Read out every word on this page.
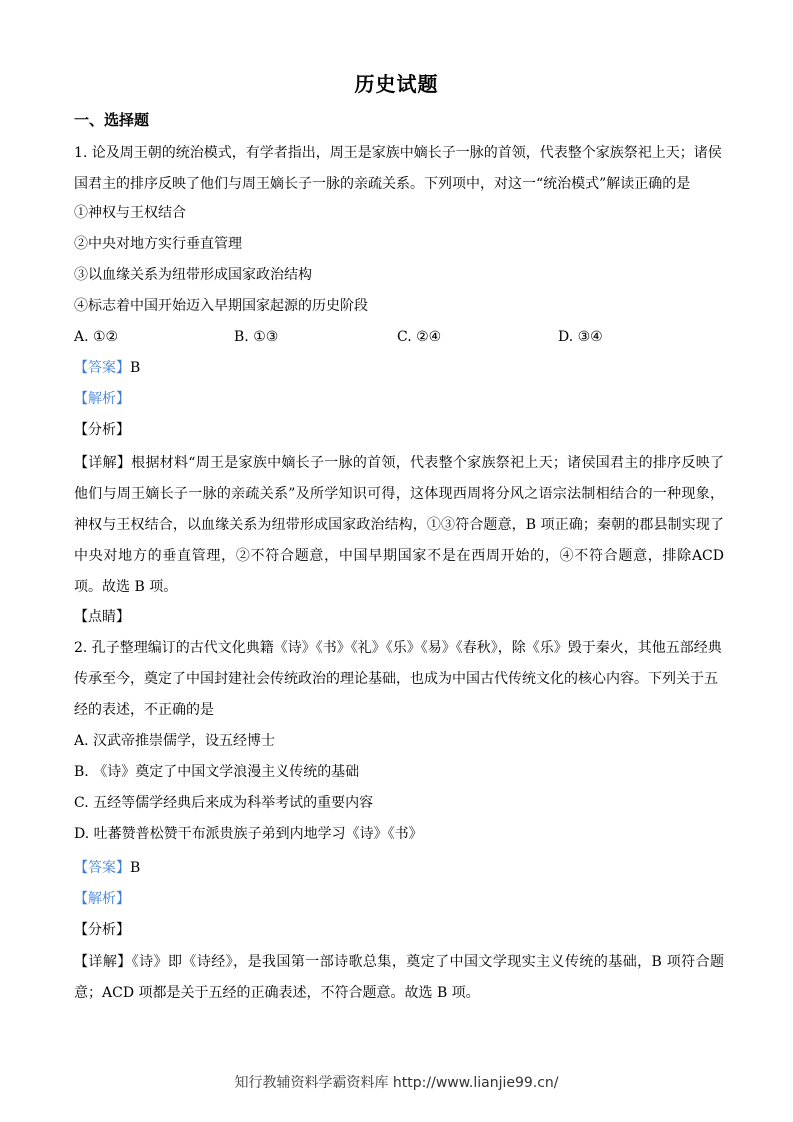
历史试题
一、选择题
1. 论及周王朝的统治模式，有学者指出，周王是家族中嫡长子一脉的首领，代表整个家族祭祀上天；诸侯
国君主的排序反映了他们与周王嫡长子一脉的亲疏关系。下列项中，对这一“统治模式”解读正确的是
①神权与王权结合
②中央对地方实行垂直管理
③以血缘关系为纽带形成国家政治结构
④标志着中国开始迈入早期国家起源的历史阶段
A. ①②	B. ①③	C. ②④	D. ③④
【答案】B
【解析】
【分析】
【详解】根据材料“周王是家族中嫡长子一脉的首领，代表整个家族祭祀上天；诸侯国君主的排序反映了他们与周王嫡长子一脉的亲疏关系”及所学知识可得，这体现西周将分风之语宗法制相结合的一种现象，神权与王权结合，以血缘关系为纽带形成国家政治结构，①③符合题意，B 项正确；秦朝的郡县制实现了中央对地方的垂直管理，②不符合题意，中国早期国家不是在西周开始的，④不符合题意，排除ACD 项。故选 B 项。
【点睛】
2. 孔子整理编订的古代文化典籍《诗》《书》《礼》《乐》《易》《春秋》，除《乐》毁于秦火，其他五部经典
传承至今，奠定了中国封建社会传统政治的理论基础，也成为中国古代传统文化的核心内容。下列关于五
经的表述，不正确的是
A. 汉武帝推崇儒学，设五经博士
B. 《诗》奠定了中国文学浪漫主义传统的基础
C. 五经等儒学经典后来成为科举考试的重要内容
D. 吐蕃赞普松赞干布派贵族子弟到内地学习《诗》《书》
【答案】B
【解析】
【分析】
【详解】《诗》即《诗经》，是我国第一部诗歌总集，奠定了中国文学现实主义传统的基础，B 项符合题意；ACD 项都是关于五经的正确表述，不符合题意。故选 B 项。
知行教辅资料学霸资料库 http://www.lianjie99.cn/
